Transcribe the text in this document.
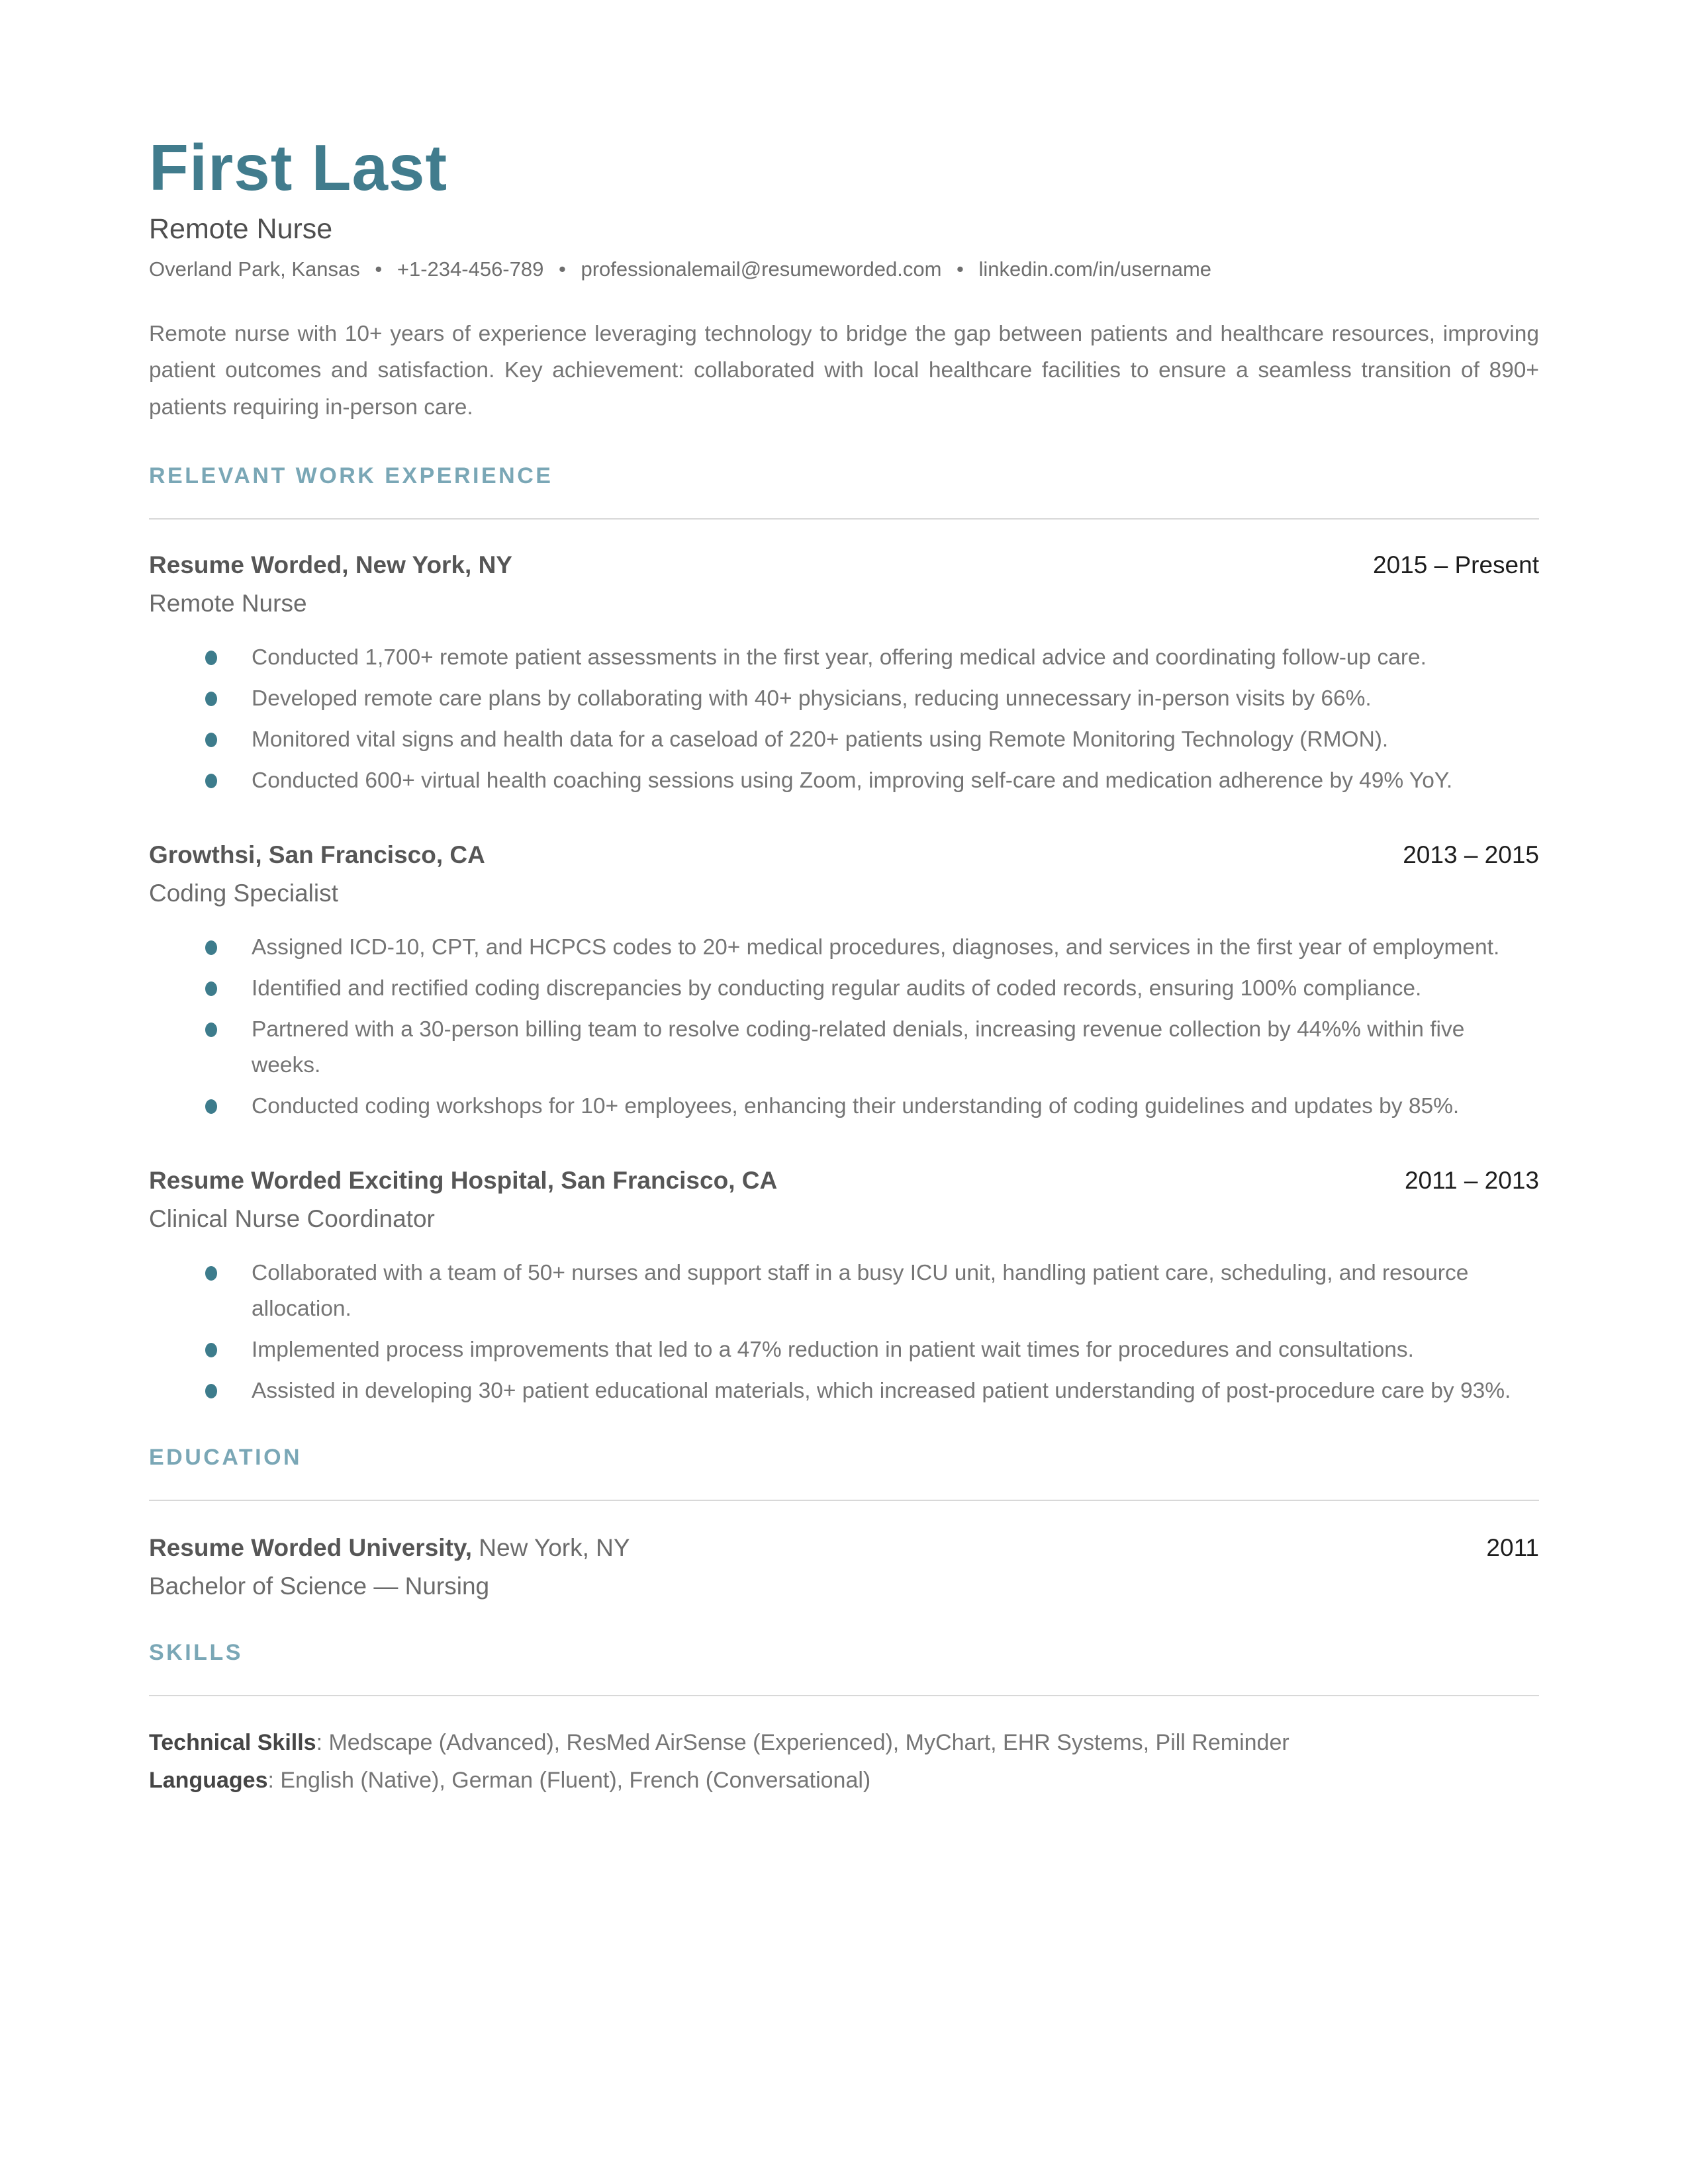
First Last
Remote Nurse
Overland Park, Kansas • +1-234-456-789 • professionalemail@resumeworded.com • linkedin.com/in/username

Remote nurse with 10+ years of experience leveraging technology to bridge the gap between patients and healthcare resources, improving patient outcomes and satisfaction. Key achievement: collaborated with local healthcare facilities to ensure a seamless transition of 890+ patients requiring in-person care.

RELEVANT WORK EXPERIENCE
Resume Worded, New York, NY	2015 – Present
Remote Nurse
Conducted 1,700+ remote patient assessments in the first year, offering medical advice and coordinating follow-up care.
Developed remote care plans by collaborating with 40+ physicians, reducing unnecessary in-person visits by 66%.
Monitored vital signs and health data for a caseload of 220+ patients using Remote Monitoring Technology (RMON).
Conducted 600+ virtual health coaching sessions using Zoom, improving self-care and medication adherence by 49% YoY.
Growthsi, San Francisco, CA	2013 – 2015
Coding Specialist
Assigned ICD-10, CPT, and HCPCS codes to 20+ medical procedures, diagnoses, and services in the first year of employment.
Identified and rectified coding discrepancies by conducting regular audits of coded records, ensuring 100% compliance.
Partnered with a 30-person billing team to resolve coding-related denials, increasing revenue collection by 44%% within five weeks.
Conducted coding workshops for 10+ employees, enhancing their understanding of coding guidelines and updates by 85%.
Resume Worded Exciting Hospital, San Francisco, CA	2011 – 2013
Clinical Nurse Coordinator
Collaborated with a team of 50+ nurses and support staff in a busy ICU unit, handling patient care, scheduling, and resource allocation.
Implemented process improvements that led to a 47% reduction in patient wait times for procedures and consultations.
Assisted in developing 30+ patient educational materials, which increased patient understanding of post-procedure care by 93%.
EDUCATION
Resume Worded University, New York, NY	2011
Bachelor of Science — Nursing
SKILLS
Technical Skills: Medscape (Advanced), ResMed AirSense (Experienced), MyChart, EHR Systems, Pill Reminder
Languages: English (Native), German (Fluent), French (Conversational)
